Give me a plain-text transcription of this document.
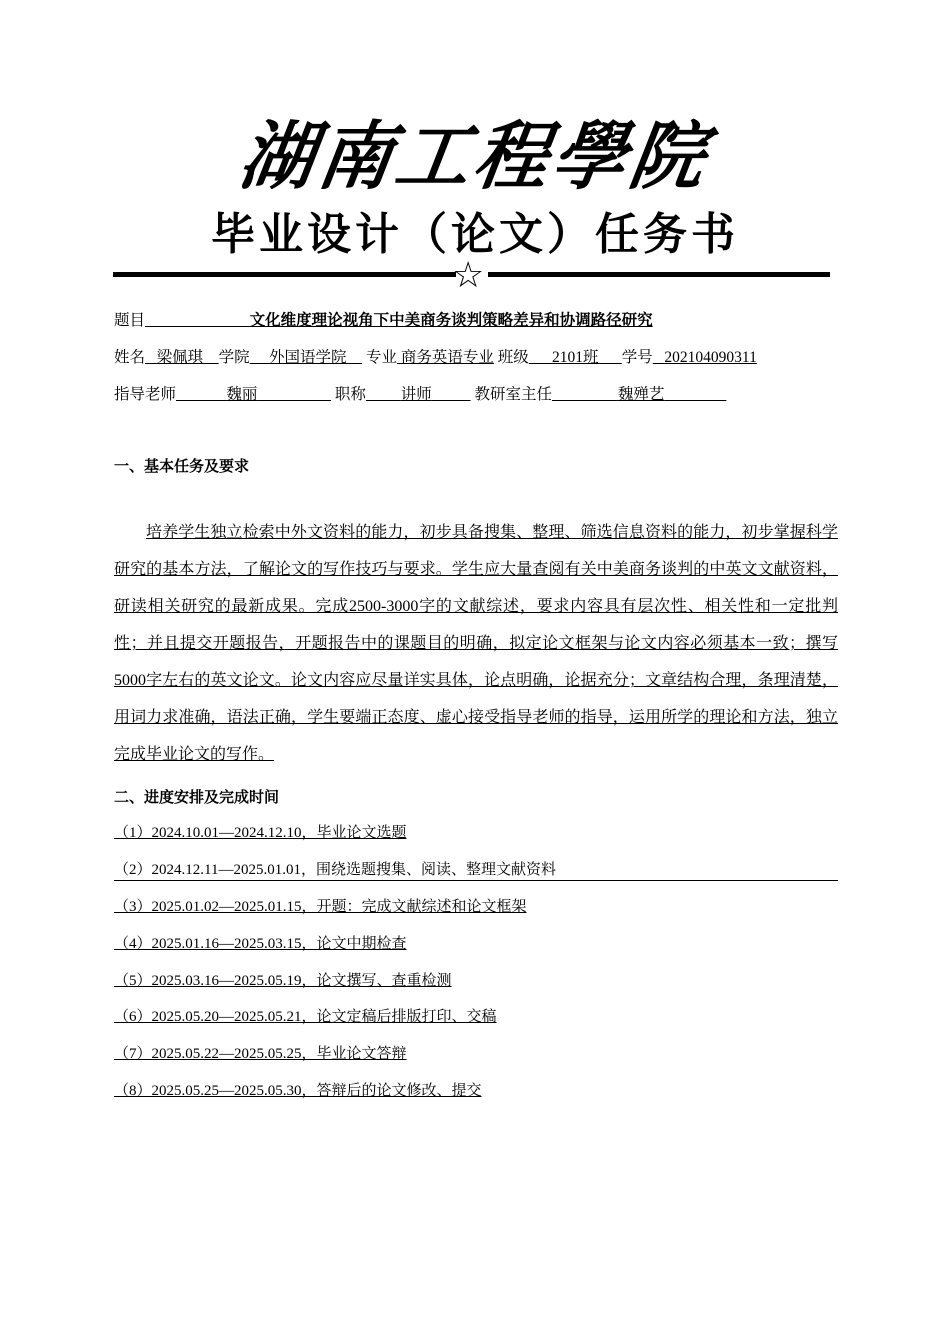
湖南工程學院
毕业设计（论文）任务书
☆
题目	文化维度理论视角下中美商务谈判策略差异和协调路径研究
姓名 梁佩琪 学院 外国语学院 专业 商务英语专业 班级 2101班 学号 202104090311
指导老师	魏丽	职称 讲师	教研室主任	魏殚艺
一、基本任务及要求
培养学生独立检索中外文资料的能力，初步具备搜集、整理、筛选信息资料的能力，初步掌握科学研究的基本方法，了解论文的写作技巧与要求。学生应大量查阅有关中美商务谈判的中英文文献资料，研读相关研究的最新成果。完成2500-3000字的文献综述，要求内容具有层次性、相关性和一定批判性；并且提交开题报告，开题报告中的课题目的明确，拟定论文框架与论文内容必须基本一致；撰写5000字左右的英文论文。论文内容应尽量详实具体，论点明确，论据充分；文章结构合理，条理清楚，用词力求准确，语法正确，学生要端正态度、虚心接受指导老师的指导，运用所学的理论和方法，独立完成毕业论文的写作。
二、进度安排及完成时间
（1）2024.10.01—2024.12.10，毕业论文选题
（2）2024.12.11—2025.01.01，围绕选题搜集、阅读、整理文献资料
（3）2025.01.02—2025.01.15，开题：完成文献综述和论文框架
（4）2025.01.16—2025.03.15，论文中期检查
（5）2025.03.16—2025.05.19，论文撰写、查重检测
（6）2025.05.20—2025.05.21，论文定稿后排版打印、交稿
（7）2025.05.22—2025.05.25，毕业论文答辩
（8）2025.05.25—2025.05.30，答辩后的论文修改、提交
